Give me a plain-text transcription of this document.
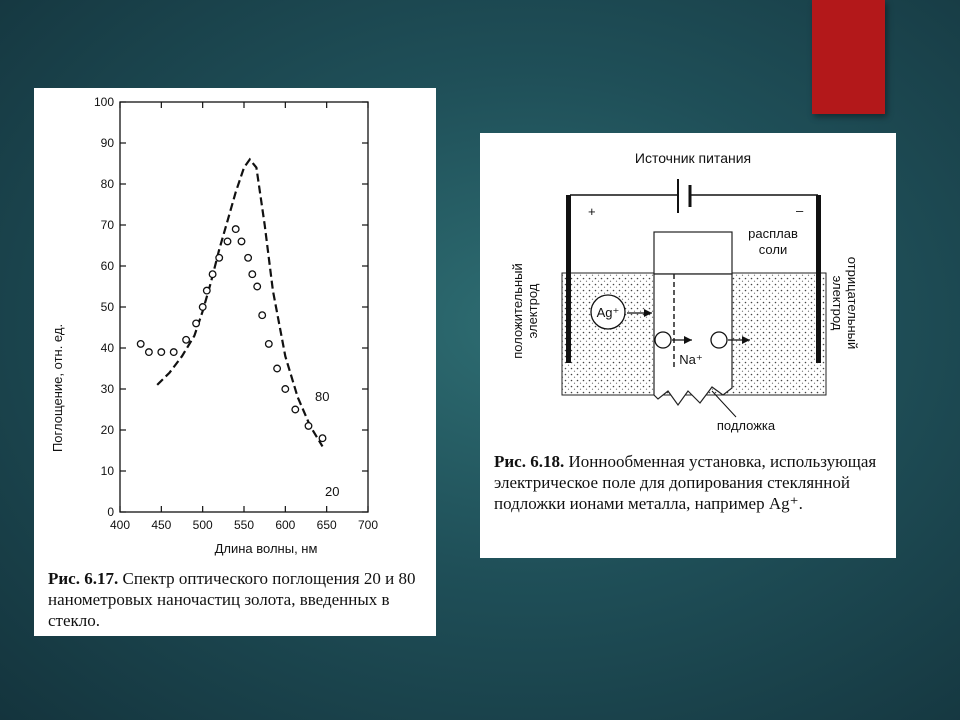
400 450 500 550 600 650 700
0
10
20
30
40
50
60
70
80
90
100
Поглощение, отн. ед.
Длина волны, нм
80
20
Рис. 6.17. Спектр оптического поглощения 20 и 80 нанометровых наночастиц золота, введенных в стекло.
Источник питания
+	–
расплав соли
положительныйэлектрод	отрицательныйэлектрод
Ag⁺
Na⁺
подложка
Рис. 6.18. Ионнообменная установка, использующая электрическое поле для допирования стеклянной подложки ионами металла, например Ag⁺.
